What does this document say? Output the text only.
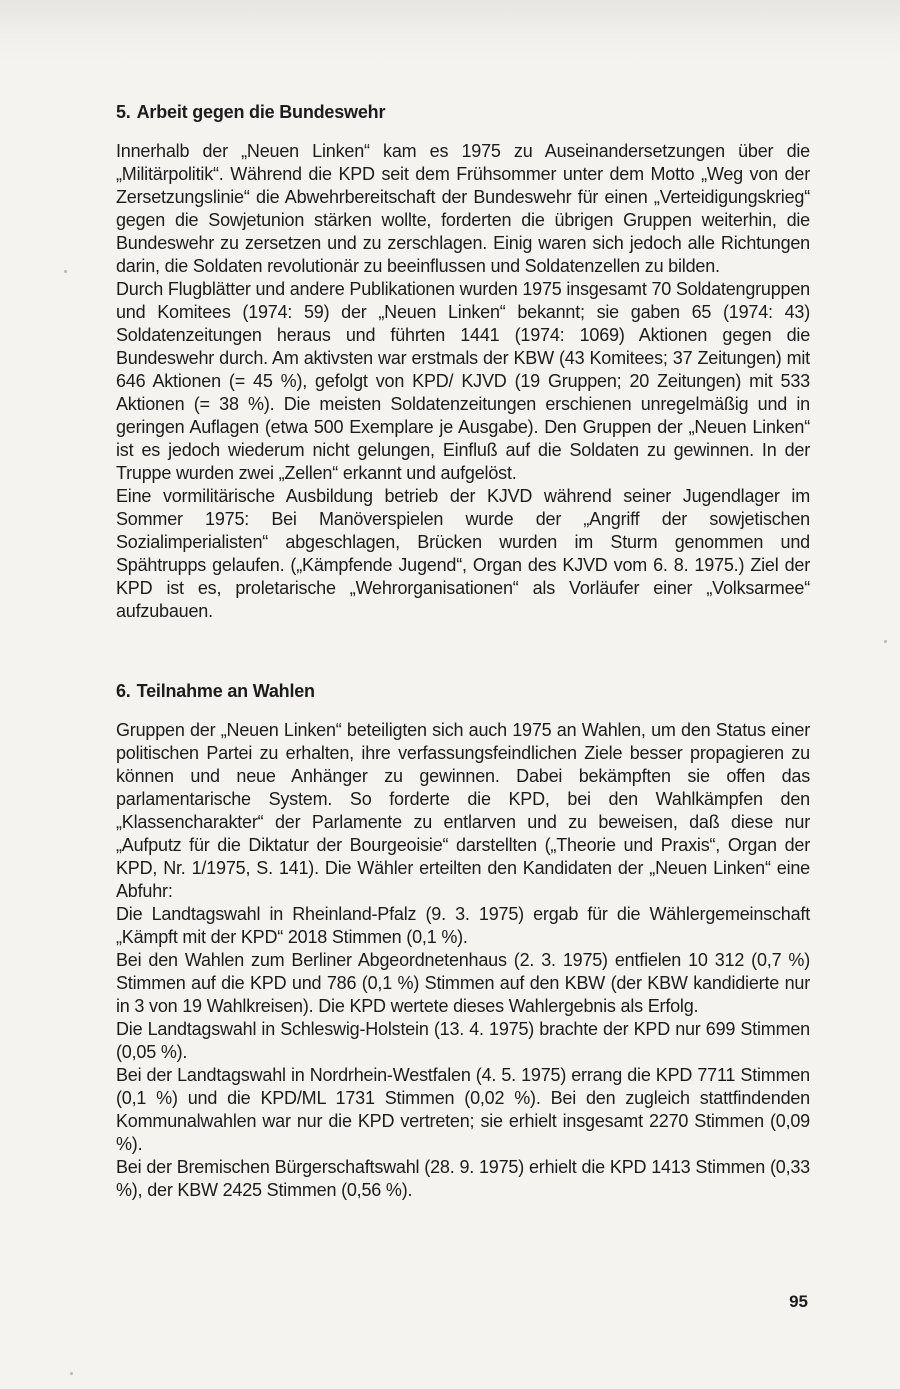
5. Arbeit gegen die Bundeswehr

Innerhalb der „Neuen Linken“ kam es 1975 zu Auseinandersetzungen über die „Militärpolitik“. Während die KPD seit dem Frühsommer unter dem Motto „Weg von der Zersetzungslinie“ die Abwehrbereitschaft der Bundeswehr für einen „Verteidigungskrieg“ gegen die Sowjetunion stärken wollte, forderten die übrigen Gruppen weiterhin, die Bundeswehr zu zersetzen und zu zerschlagen. Einig waren sich jedoch alle Richtungen darin, die Soldaten revolutionär zu beeinflussen und Soldatenzellen zu bilden.

Durch Flugblätter und andere Publikationen wurden 1975 insgesamt 70 Soldatengruppen und Komitees (1974: 59) der „Neuen Linken“ bekannt; sie gaben 65 (1974: 43) Soldatenzeitungen heraus und führten 1441 (1974: 1069) Aktionen gegen die Bundeswehr durch. Am aktivsten war erstmals der KBW (43 Komitees; 37 Zeitungen) mit 646 Aktionen (= 45 %), gefolgt von KPD/ KJVD (19 Gruppen; 20 Zeitungen) mit 533 Aktionen (= 38 %). Die meisten Soldatenzeitungen erschienen unregelmäßig und in geringen Auflagen (etwa 500 Exemplare je Ausgabe). Den Gruppen der „Neuen Linken“ ist es jedoch wiederum nicht gelungen, Einfluß auf die Soldaten zu gewinnen. In der Truppe wurden zwei „Zellen“ erkannt und aufgelöst.

Eine vormilitärische Ausbildung betrieb der KJVD während seiner Jugendlager im Sommer 1975: Bei Manöverspielen wurde der „Angriff der sowjetischen Sozialimperialisten“ abgeschlagen, Brücken wurden im Sturm genommen und Spähtrupps gelaufen. („Kämpfende Jugend“, Organ des KJVD vom 6. 8. 1975.) Ziel der KPD ist es, proletarische „Wehrorganisationen“ als Vorläufer einer „Volksarmee“ aufzubauen.

6. Teilnahme an Wahlen

Gruppen der „Neuen Linken“ beteiligten sich auch 1975 an Wahlen, um den Status einer politischen Partei zu erhalten, ihre verfassungsfeindlichen Ziele besser propagieren zu können und neue Anhänger zu gewinnen. Dabei bekämpften sie offen das parlamentarische System. So forderte die KPD, bei den Wahlkämpfen den „Klassencharakter“ der Parlamente zu entlarven und zu beweisen, daß diese nur „Aufputz für die Diktatur der Bourgeoisie“ darstellten („Theorie und Praxis“, Organ der KPD, Nr. 1/1975, S. 141). Die Wähler erteilten den Kandidaten der „Neuen Linken“ eine Abfuhr:

Die Landtagswahl in Rheinland-Pfalz (9. 3. 1975) ergab für die Wählergemeinschaft „Kämpft mit der KPD“ 2018 Stimmen (0,1 %).

Bei den Wahlen zum Berliner Abgeordnetenhaus (2. 3. 1975) entfielen 10 312 (0,7 %) Stimmen auf die KPD und 786 (0,1 %) Stimmen auf den KBW (der KBW kandidierte nur in 3 von 19 Wahlkreisen). Die KPD wertete dieses Wahlergebnis als Erfolg.

Die Landtagswahl in Schleswig-Holstein (13. 4. 1975) brachte der KPD nur 699 Stimmen (0,05 %).

Bei der Landtagswahl in Nordrhein-Westfalen (4. 5. 1975) errang die KPD 7711 Stimmen (0,1 %) und die KPD/ML 1731 Stimmen (0,02 %). Bei den zugleich stattfindenden Kommunalwahlen war nur die KPD vertreten; sie erhielt insgesamt 2270 Stimmen (0,09 %).

Bei der Bremischen Bürgerschaftswahl (28. 9. 1975) erhielt die KPD 1413 Stimmen (0,33 %), der KBW 2425 Stimmen (0,56 %).

95
